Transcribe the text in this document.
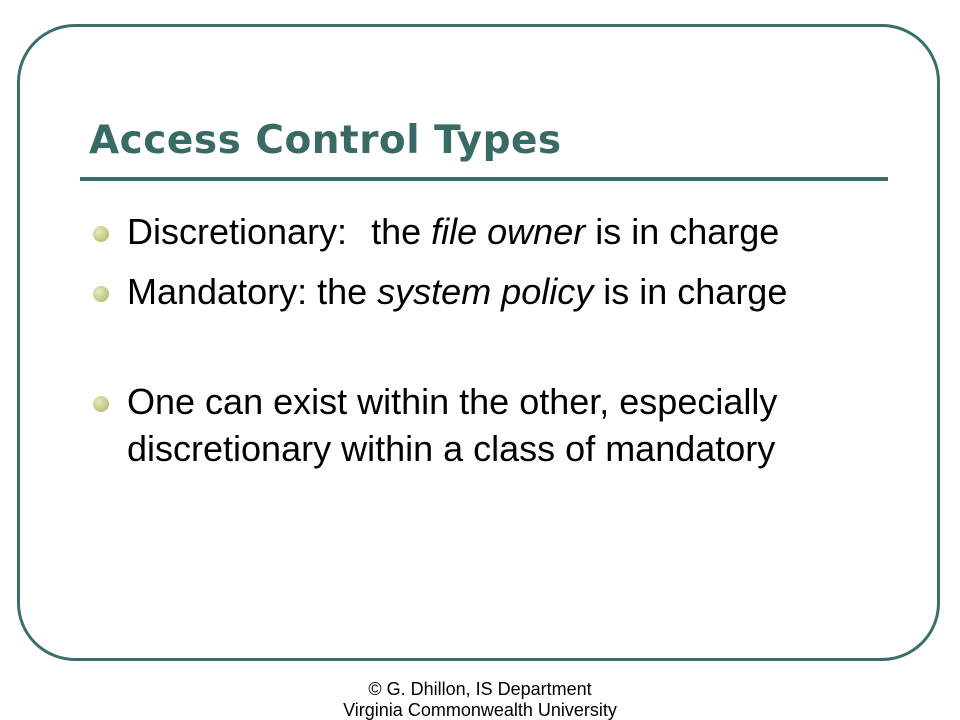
Access Control Types
Discretionary: the file owner is in charge
Mandatory: the system policy is in charge
One can exist within the other, especially discretionary within a class of mandatory
© G. Dhillon, IS Department
Virginia Commonwealth University
